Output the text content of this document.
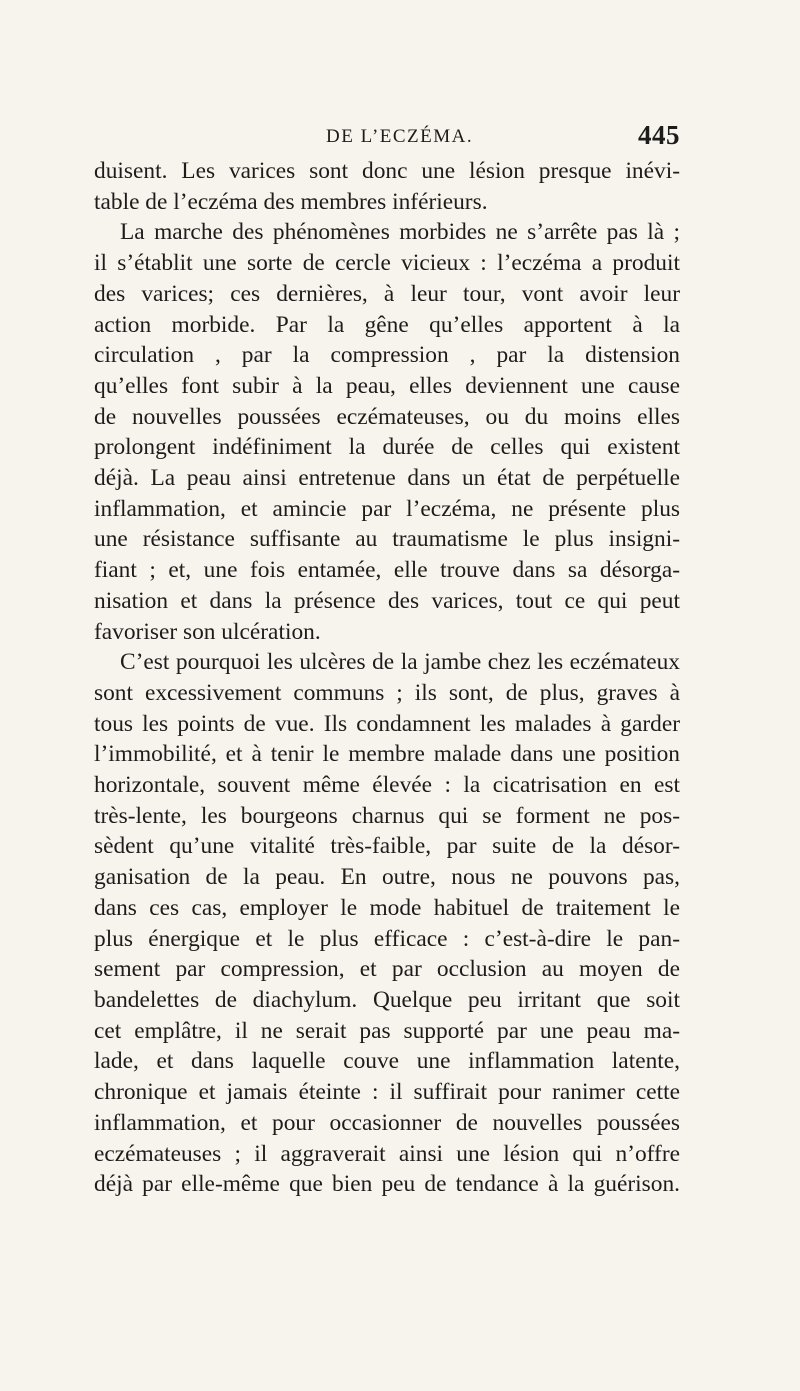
DE L’ECZÉMA.	445
duisent. Les varices sont donc une lésion presque inévi-
table de l’eczéma des membres inférieurs.
La marche des phénomènes morbides ne s’arrête pas là ;
il s’établit une sorte de cercle vicieux : l’eczéma a produit
des varices; ces dernières, à leur tour, vont avoir leur
action morbide. Par la gêne qu’elles apportent à la
circulation , par la compression , par la distension
qu’elles font subir à la peau, elles deviennent une cause
de nouvelles poussées eczémateuses, ou du moins elles
prolongent indéfiniment la durée de celles qui existent
déjà. La peau ainsi entretenue dans un état de perpétuelle
inflammation, et amincie par l’eczéma, ne présente plus
une résistance suffisante au traumatisme le plus insigni-
fiant ; et, une fois entamée, elle trouve dans sa désorga-
nisation et dans la présence des varices, tout ce qui peut
favoriser son ulcération.
C’est pourquoi les ulcères de la jambe chez les eczémateux
sont excessivement communs ; ils sont, de plus, graves à
tous les points de vue. Ils condamnent les malades à garder
l’immobilité, et à tenir le membre malade dans une position
horizontale, souvent même élevée : la cicatrisation en est
très-lente, les bourgeons charnus qui se forment ne pos-
sèdent qu’une vitalité très-faible, par suite de la désor-
ganisation de la peau. En outre, nous ne pouvons pas,
dans ces cas, employer le mode habituel de traitement le
plus énergique et le plus efficace : c’est-à-dire le pan-
sement par compression, et par occlusion au moyen de
bandelettes de diachylum. Quelque peu irritant que soit
cet emplâtre, il ne serait pas supporté par une peau ma-
lade, et dans laquelle couve une inflammation latente,
chronique et jamais éteinte : il suffirait pour ranimer cette
inflammation, et pour occasionner de nouvelles poussées
eczémateuses ; il aggraverait ainsi une lésion qui n’offre
déjà par elle-même que bien peu de tendance à la guérison.
